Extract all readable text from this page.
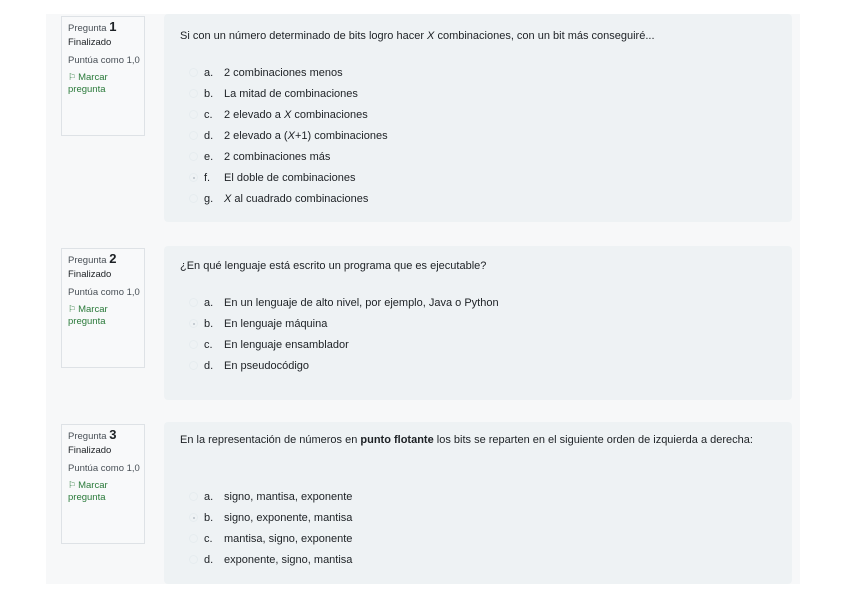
Pregunta 1
Finalizado
Puntúa como 1,0
⚐ Marcar pregunta
Si con un número determinado de bits logro hacer X combinaciones, con un bit más conseguiré...
a. 2 combinaciones menos
b. La mitad de combinaciones
c. 2 elevado a X combinaciones
d. 2 elevado a (X+1) combinaciones
e. 2 combinaciones más
f. El doble de combinaciones
g. X al cuadrado combinaciones
Pregunta 2
Finalizado
Puntúa como 1,0
⚐ Marcar pregunta
¿En qué lenguaje está escrito un programa que es ejecutable?
a. En un lenguaje de alto nivel, por ejemplo, Java o Python
b. En lenguaje máquina
c. En lenguaje ensamblador
d. En pseudocódigo
Pregunta 3
Finalizado
Puntúa como 1,0
⚐ Marcar pregunta
En la representación de números en punto flotante los bits se reparten en el siguiente orden de izquierda a derecha:
a. signo, mantisa, exponente
b. signo, exponente, mantisa
c. mantisa, signo, exponente
d. exponente, signo, mantisa
